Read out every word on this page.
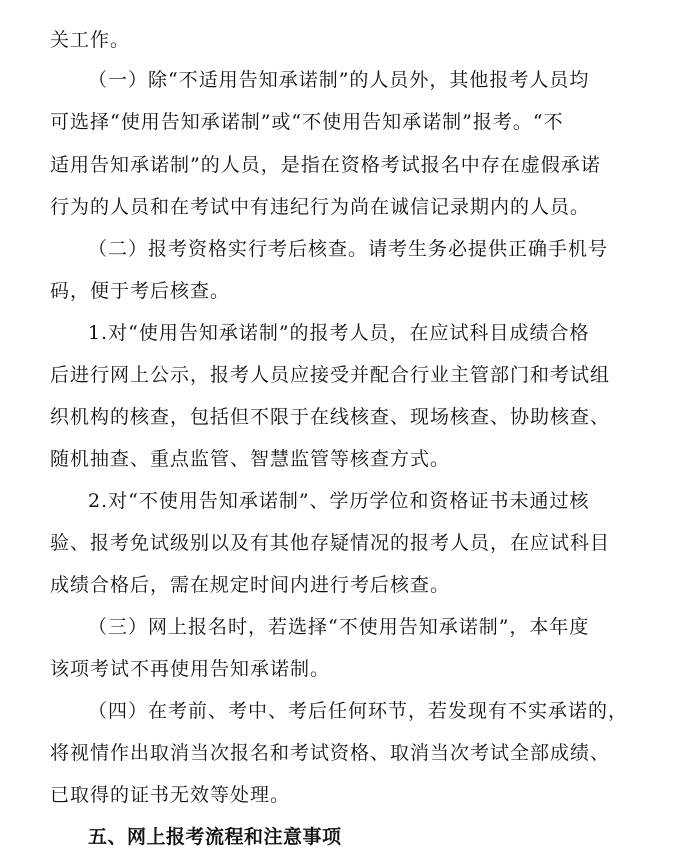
关工作。
（一）除“不适用告知承诺制”的人员外，其他报考人员均
可选择“使用告知承诺制”或“不使用告知承诺制”报考。“不
适用告知承诺制”的人员，是指在资格考试报名中存在虚假承诺
行为的人员和在考试中有违纪行为尚在诚信记录期内的人员。
（二）报考资格实行考后核查。请考生务必提供正确手机号
码，便于考后核查。
1.对“使用告知承诺制”的报考人员，在应试科目成绩合格
后进行网上公示，报考人员应接受并配合行业主管部门和考试组
织机构的核查，包括但不限于在线核查、现场核查、协助核查、
随机抽查、重点监管、智慧监管等核查方式。
2.对“不使用告知承诺制”、学历学位和资格证书未通过核
验、报考免试级别以及有其他存疑情况的报考人员，在应试科目
成绩合格后，需在规定时间内进行考后核查。
（三）网上报名时，若选择“不使用告知承诺制”，本年度
该项考试不再使用告知承诺制。
（四）在考前、考中、考后任何环节，若发现有不实承诺的，
将视情作出取消当次报名和考试资格、取消当次考试全部成绩、
已取得的证书无效等处理。
五、网上报考流程和注意事项
